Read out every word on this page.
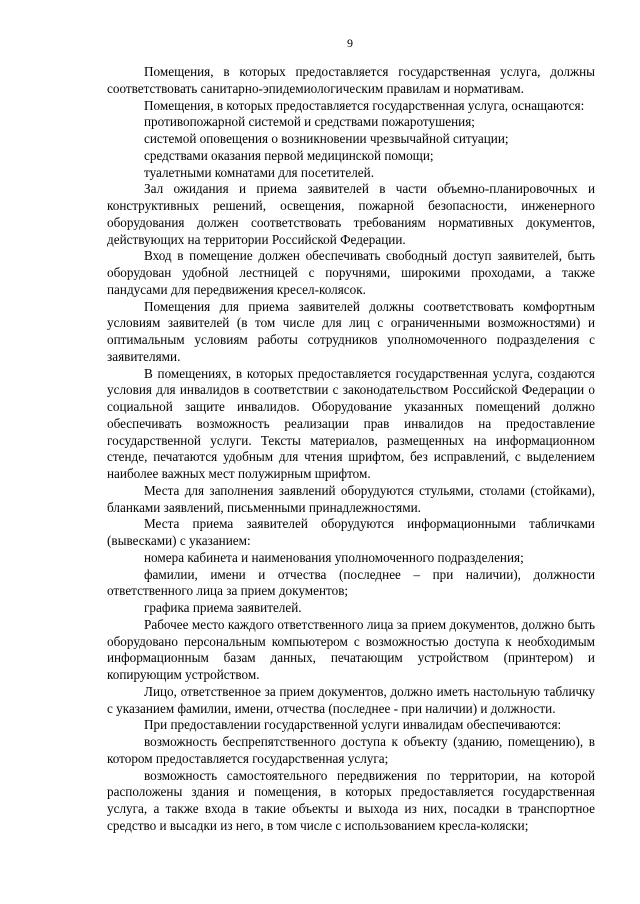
9

Помещения, в которых предоставляется государственная услуга, должны соответствовать санитарно-эпидемиологическим правилам и нормативам.

Помещения, в которых предоставляется государственная услуга, оснащаются:

противопожарной системой и средствами пожаротушения;

системой оповещения о возникновении чрезвычайной ситуации;

средствами оказания первой медицинской помощи;

туалетными комнатами для посетителей.

Зал ожидания и приема заявителей в части объемно-планировочных и конструктивных решений, освещения, пожарной безопасности, инженерного оборудования должен соответствовать требованиям нормативных документов, действующих на территории Российской Федерации.

Вход в помещение должен обеспечивать свободный доступ заявителей, быть оборудован удобной лестницей с поручнями, широкими проходами, а также пандусами для передвижения кресел-колясок.

Помещения для приема заявителей должны соответствовать комфортным условиям заявителей (в том числе для лиц с ограниченными возможностями) и оптимальным условиям работы сотрудников уполномоченного подразделения с заявителями.

В помещениях, в которых предоставляется государственная услуга, создаются условия для инвалидов в соответствии с законодательством Российской Федерации о социальной защите инвалидов. Оборудование указанных помещений должно обеспечивать возможность реализации прав инвалидов на предоставление государственной услуги. Тексты материалов, размещенных на информационном стенде, печатаются удобным для чтения шрифтом, без исправлений, с выделением наиболее важных мест полужирным шрифтом.

Места для заполнения заявлений оборудуются стульями, столами (стойками), бланками заявлений, письменными принадлежностями.

Места приема заявителей оборудуются информационными табличками (вывесками) с указанием:

номера кабинета и наименования уполномоченного подразделения;

фамилии, имени и отчества (последнее – при наличии), должности ответственного лица за прием документов;

графика приема заявителей.

Рабочее место каждого ответственного лица за прием документов, должно быть оборудовано персональным компьютером с возможностью доступа к необходимым информационным базам данных, печатающим устройством (принтером) и копирующим устройством.

Лицо, ответственное за прием документов, должно иметь настольную табличку с указанием фамилии, имени, отчества (последнее - при наличии) и должности.

При предоставлении государственной услуги инвалидам обеспечиваются:

возможность беспрепятственного доступа к объекту (зданию, помещению), в котором предоставляется государственная услуга;

возможность самостоятельного передвижения по территории, на которой расположены здания и помещения, в которых предоставляется государственная услуга, а также входа в такие объекты и выхода из них, посадки в транспортное средство и высадки из него, в том числе с использованием кресла-коляски;
